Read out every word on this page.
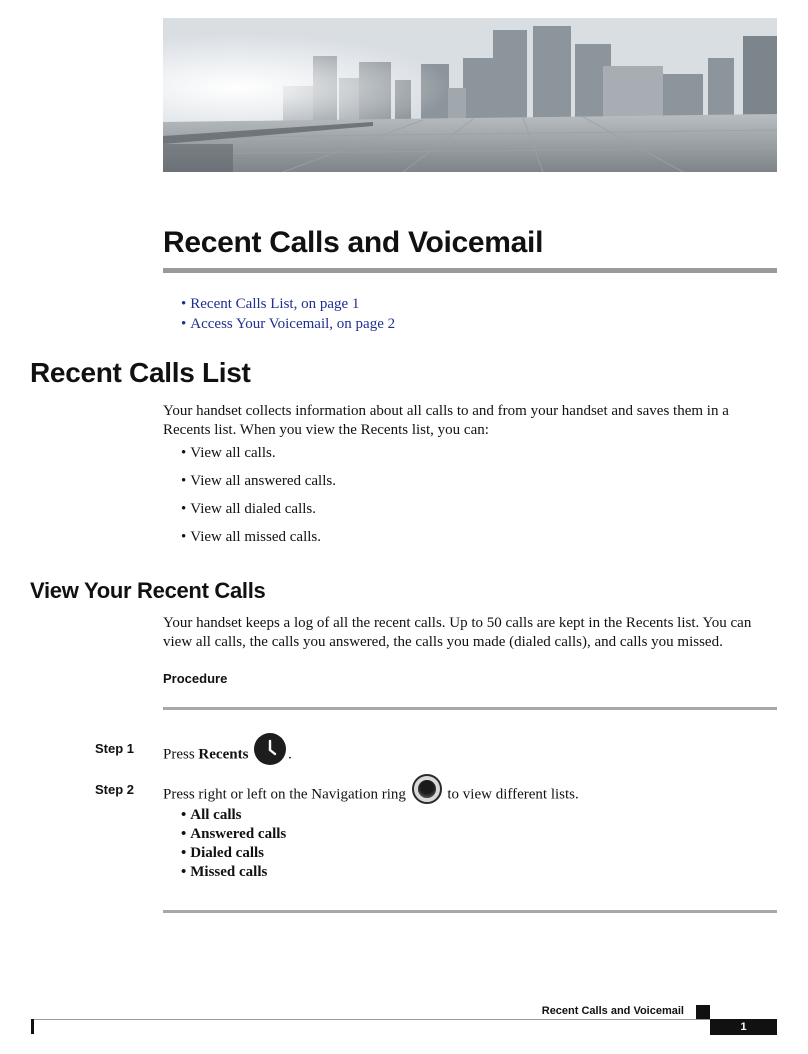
Recent Calls and Voicemail
• Recent Calls List, on page 1
• Access Your Voicemail, on page 2
Recent Calls List

Your handset collects information about all calls to and from your handset and saves them in a Recents list. When you view the Recents list, you can:

• View all calls.
• View all answered calls.
• View all dialed calls.
• View all missed calls.
View Your Recent Calls

Your handset keeps a log of all the recent calls. Up to 50 calls are kept in the Recents list. You can view all calls, the calls you answered, the calls you made (dialed calls), and calls you missed.

Procedure
Step 1 Press Recents	.
Step 2 Press right or left on the Navigation ring	to view different lists.
• All calls
• Answered calls
• Dialed calls
• Missed calls
Recent Calls and Voicemail
1
